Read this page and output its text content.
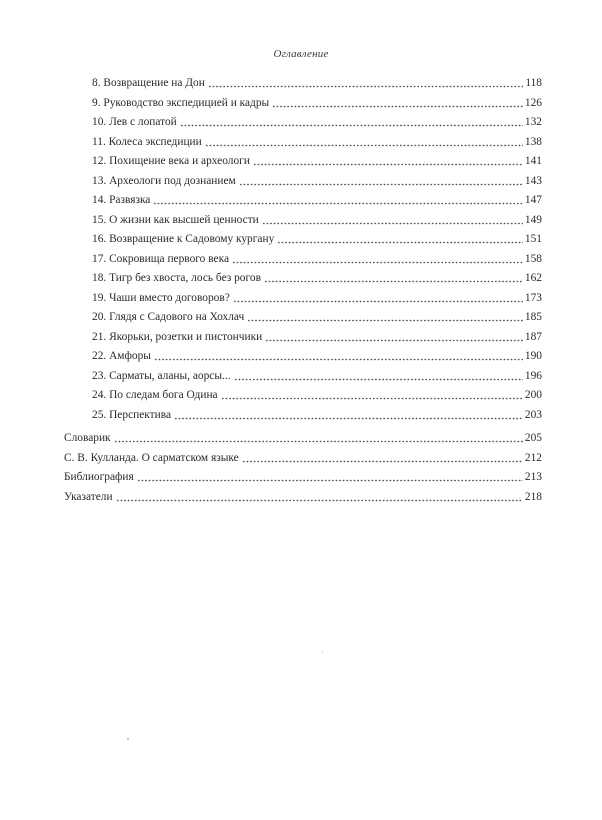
Оглавление
8. Возвращение на Дон	118
9. Руководство экспедицией и кадры	126
10. Лев с лопатой	132
11. Колеса экспедиции	138
12. Похищение века и археологи	141
13. Археологи под дознанием	143
14. Развязка	147
15. О жизни как высшей ценности	149
16. Возвращение к Садовому кургану	151
17. Сокровища первого века	158
18. Тигр без хвоста, лось без рогов	162
19. Чаши вместо договоров?	173
20. Глядя с Садового на Хохлач	185
21. Якорьки, розетки и пистончики	187
22. Амфоры	190
23. Сарматы, аланы, аорсы...	196
24. По следам бога Одина	200
25. Перспектива	203
Словарик	205
С. В. Кулланда. О сарматском языке	212
Библиография	213
Указатели	218
